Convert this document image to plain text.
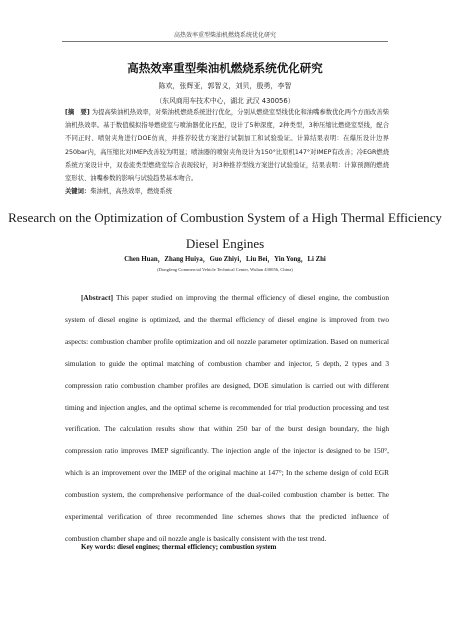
高热效率重型柴油机燃烧系统优化研究
高热效率重型柴油机燃烧系统优化研究
陈欢，张辉亚，郭智义，刘贝，殷勇，李智
（东风商用车技术中心，湖北 武汉 430056）
[摘　要] 为提高柴油机热效率，对柴油机燃烧系统进行优化，分别从燃烧室型线优化和油嘴参数优化两个方面改善柴油机热效率。基于数值模拟指导燃烧室与喷油器优化匹配，设计了5种深度，2种类型，3种压缩比燃烧室型线，配合不同正时、喷射夹角进行DOE仿真，并推荐较优方案进行试制加工和试验验证。计算结果表明：在爆压设计边界250bar内，高压缩比对IMEP改善较为明显；喷油器的喷射夹角设计为150°比原机147°对IMEP有改善；冷EGR燃烧系统方案设计中，双卷流类型燃烧室综合表现较好，对3种推荐型线方案进行试验验证，结果表明：计算预测的燃烧室形状、油嘴参数的影响与试验趋势基本吻合。
关键词：柴油机，高热效率，燃烧系统
Research on the Optimization of Combustion System of a High Thermal Efficiency Diesel Engines
Chen Huan，Zhang Huiya，Guo Zhiyi，Liu Bei，Yin Yong，Li Zhi
(Dongfeng Commercial Vehicle Technical Center, Wuhan 430056, China)
[Abstract] This paper studied on improving the thermal efficiency of diesel engine, the combustion system of diesel engine is optimized, and the thermal efficiency of diesel engine is improved from two aspects: combustion chamber profile optimization and oil nozzle parameter optimization. Based on numerical simulation to guide the optimal matching of combustion chamber and injector, 5 depth, 2 types and 3 compression ratio combustion chamber profiles are designed, DOE simulation is carried out with different timing and injection angles, and the optimal scheme is recommended for trial production processing and test verification. The calculation results show that within 250 bar of the burst design boundary, the high compression ratio improves IMEP significantly. The injection angle of the injector is designed to be 150°, which is an improvement over the IMEP of the original machine at 147°; In the scheme design of cold EGR combustion system, the comprehensive performance of the dual-coiled combustion chamber is better. The experimental verification of three recommended line schemes shows that the predicted influence of combustion chamber shape and oil nozzle angle is basically consistent with the test trend.
Key words: diesel engines; thermal efficiency; combustion system
